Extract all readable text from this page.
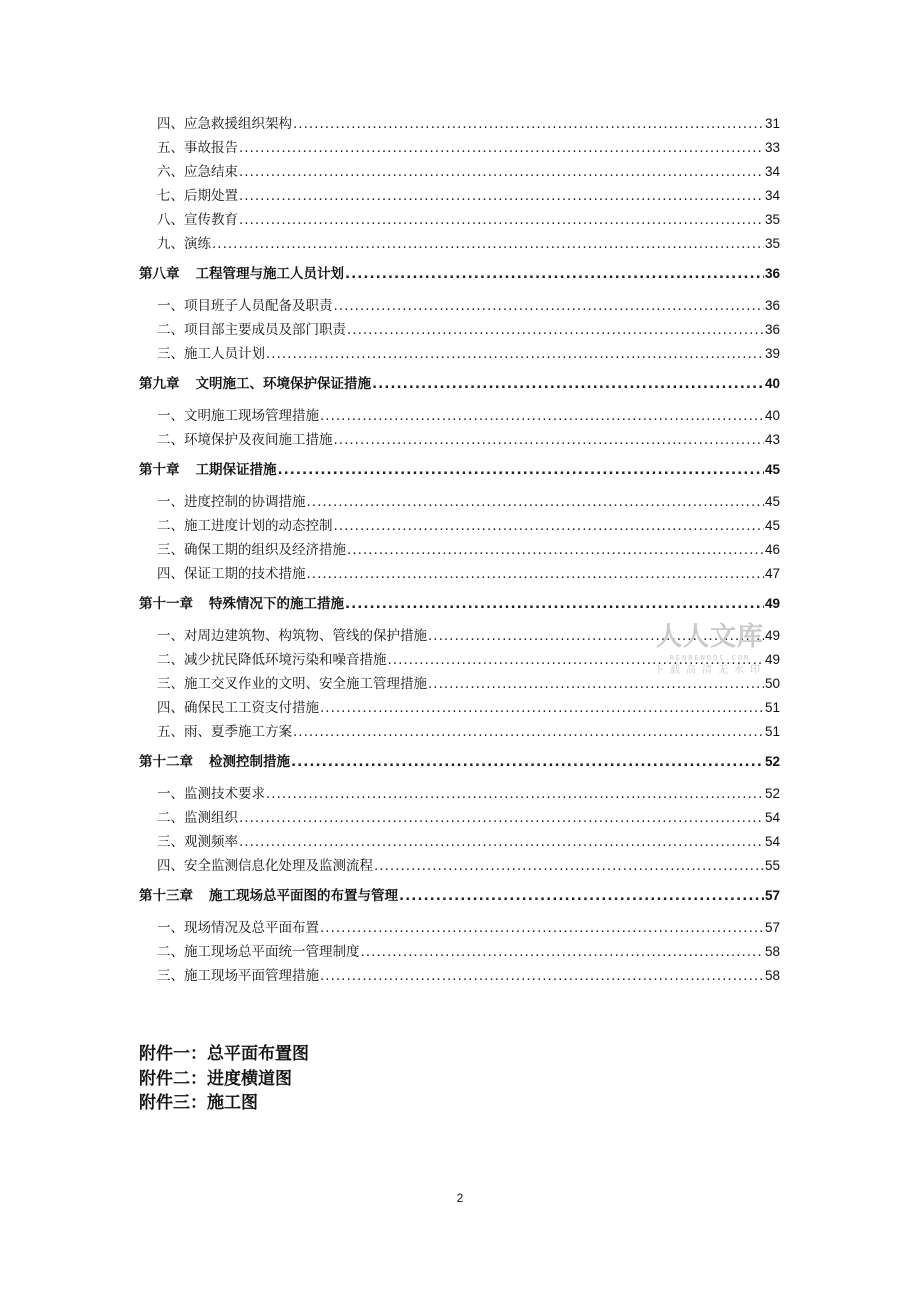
四、应急救援组织架构 .....	31
五、事故报告 .....	33
六、应急结束 .....	34
七、后期处置 .....	34
八、宣传教育 .....	35
九、演练 .....	35
第八章 工程管理与施工人员计划 .....	36
一、项目班子人员配备及职责 .....	36
二、项目部主要成员及部门职责 .....	36
三、施工人员计划 .....	39
第九章 文明施工、环境保护保证措施 .....	40
一、文明施工现场管理措施 .....	40
二、环境保护及夜间施工措施 .....	43
第十章 工期保证措施 .....	45
一、进度控制的协调措施 .....	45
二、施工进度计划的动态控制 .....	45
三、确保工期的组织及经济措施 .....	46
四、保证工期的技术措施 .....	47
第十一章 特殊情况下的施工措施 .....	49
一、对周边建筑物、构筑物、管线的保护措施 .....	49
二、减少扰民降低环境污染和噪音措施 .....	49
三、施工交叉作业的文明、安全施工管理措施 .....	50
四、确保民工工资支付措施 .....	51
五、雨、夏季施工方案 .....	51
第十二章 检测控制措施 .....	52
一、监测技术要求 .....	52
二、监测组织 .....	54
三、观测频率 .....	54
四、安全监测信息化处理及监测流程 .....	55
第十三章 施工现场总平面图的布置与管理 .....	57
一、现场情况及总平面布置 .....	57
二、施工现场总平面统一管理制度 .....	58
三、施工现场平面管理措施 .....	58
附件一：总平面布置图
附件二：进度横道图
附件三：施工图
人人文库
RENRENDOC.COM
下载高清无水印
2
